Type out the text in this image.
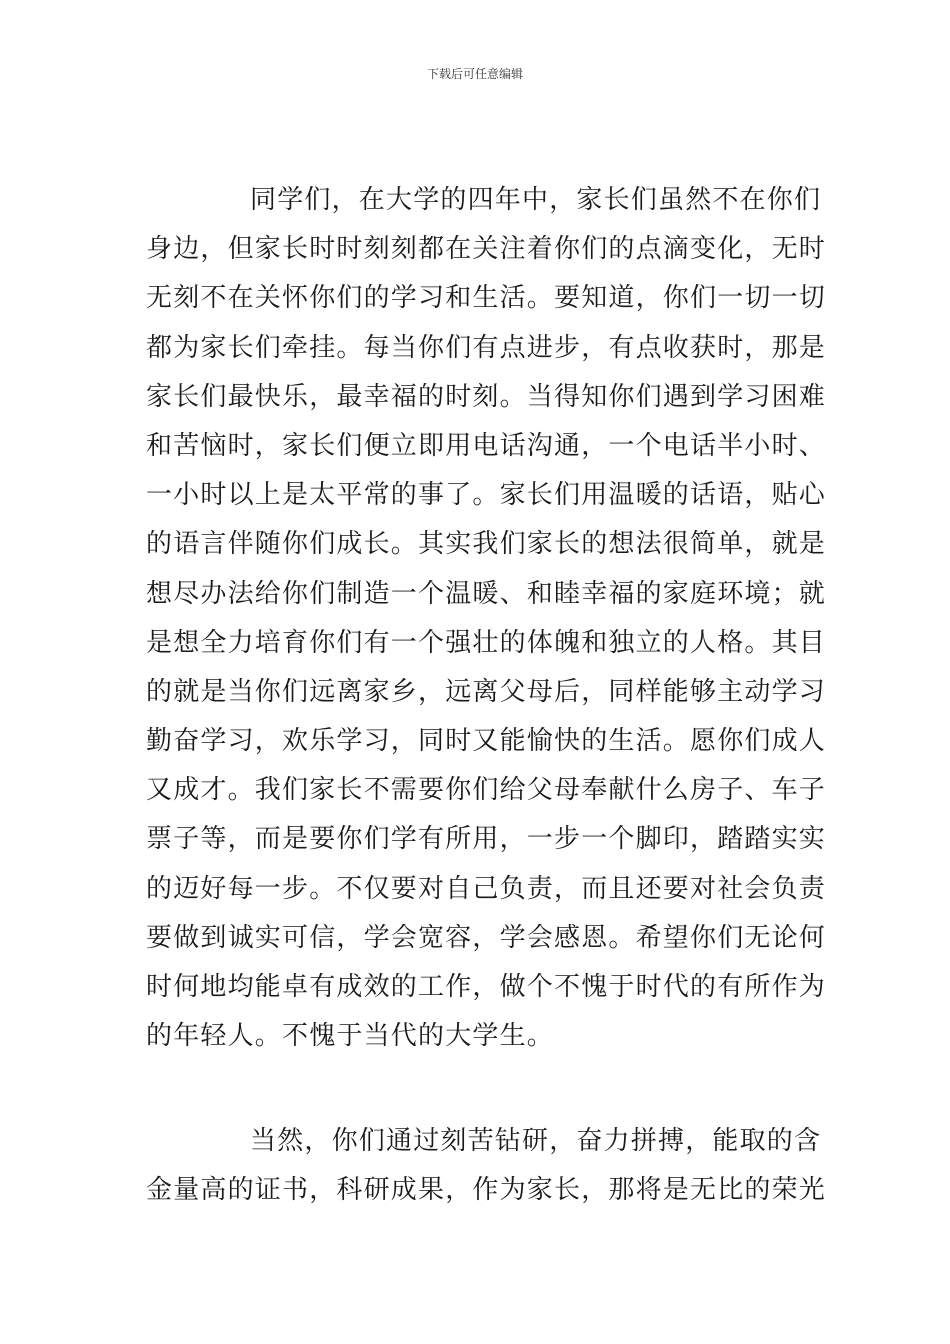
下载后可任意编辑
同学们，在大学的四年中，家长们虽然不在你们
身边，但家长时时刻刻都在关注着你们的点滴变化，无时
无刻不在关怀你们的学习和生活。要知道，你们一切一切
都为家长们牵挂。每当你们有点进步，有点收获时，那是
家长们最快乐，最幸福的时刻。当得知你们遇到学习困难
和苦恼时，家长们便立即用电话沟通，一个电话半小时、
一小时以上是太平常的事了。家长们用温暖的话语，贴心
的语言伴随你们成长。其实我们家长的想法很简单，就是
想尽办法给你们制造一个温暖、和睦幸福的家庭环境；就
是想全力培育你们有一个强壮的体魄和独立的人格。其目
的就是当你们远离家乡，远离父母后，同样能够主动学习
勤奋学习，欢乐学习，同时又能愉快的生活。愿你们成人
又成才。我们家长不需要你们给父母奉献什么房子、车子
票子等，而是要你们学有所用，一步一个脚印，踏踏实实
的迈好每一步。不仅要对自己负责，而且还要对社会负责
要做到诚实可信，学会宽容，学会感恩。希望你们无论何
时何地均能卓有成效的工作，做个不愧于时代的有所作为
的年轻人。不愧于当代的大学生。
当然，你们通过刻苦钻研，奋力拼搏，能取的含
金量高的证书，科研成果，作为家长，那将是无比的荣光
